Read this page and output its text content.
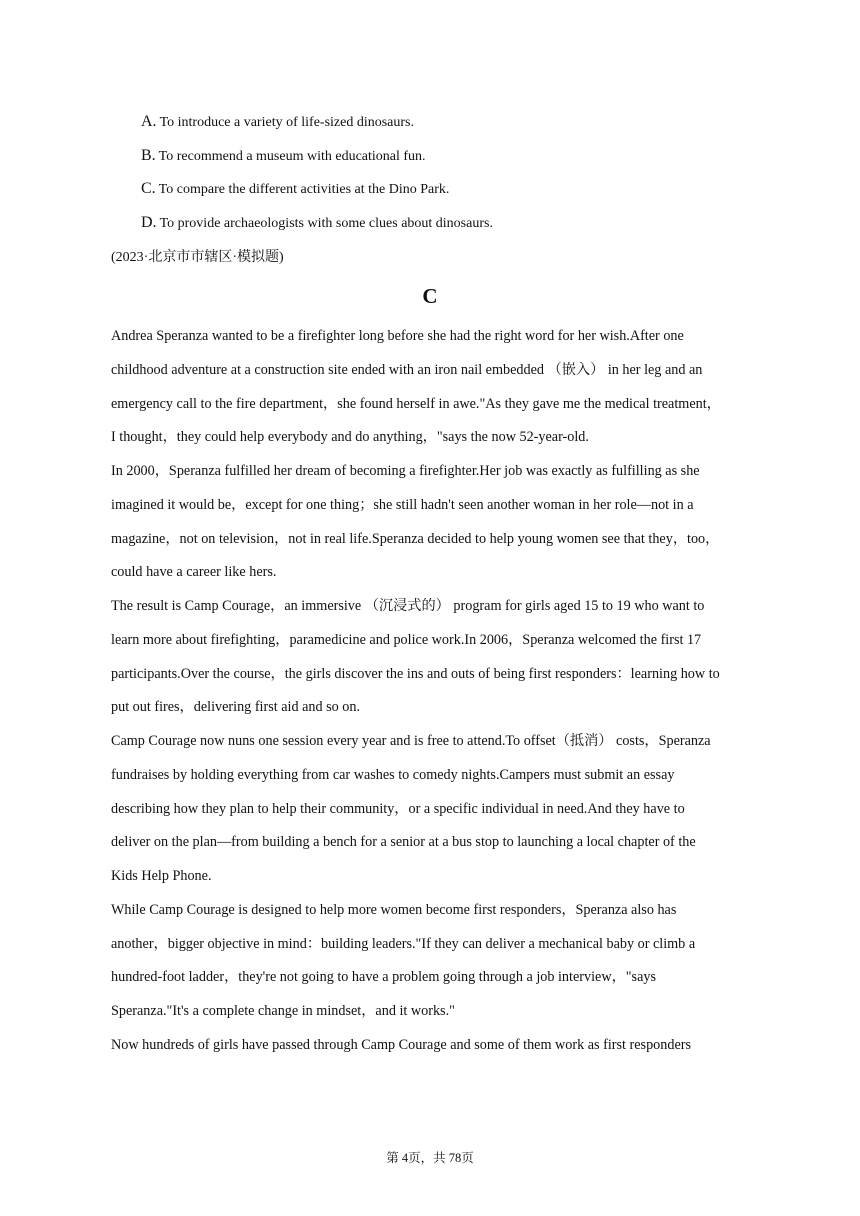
A. To introduce a variety of life-sized dinosaurs.
B. To recommend a museum with educational fun.
C. To compare the different activities at the Dino Park.
D. To provide archaeologists with some clues about dinosaurs.
(2023·北京市市辖区·模拟题)
C
Andrea Speranza wanted to be a firefighter long before she had the right word for her wish.After one
childhood adventure at a construction site ended with an iron nail embedded （嵌入） in her leg and an
emergency call to the fire department，she found herself in awe."As they gave me the medical treatment，
I thought，they could help everybody and do anything，"says the now 52-year-old.
In 2000，Speranza fulfilled her dream of becoming a firefighter.Her job was exactly as fulfilling as she
imagined it would be，except for one thing；she still hadn't seen another woman in her role—not in a
magazine，not on television，not in real life.Speranza decided to help young women see that they，too，
could have a career like hers.
The result is Camp Courage，an immersive （沉浸式的） program for girls aged 15 to 19 who want to
learn more about firefighting，paramedicine and police work.In 2006，Speranza welcomed the first 17
participants.Over the course，the girls discover the ins and outs of being first responders：learning how to
put out fires，delivering first aid and so on.
Camp Courage now nuns one session every year and is free to attend.To offset（抵消） costs，Speranza
fundraises by holding everything from car washes to comedy nights.Campers must submit an essay
describing how they plan to help their community，or a specific individual in need.And they have to
deliver on the plan—from building a bench for a senior at a bus stop to launching a local chapter of the
Kids Help Phone.
While Camp Courage is designed to help more women become first responders，Speranza also has
another，bigger objective in mind：building leaders."If they can deliver a mechanical baby or climb a
hundred-foot ladder，they're not going to have a problem going through a job interview，"says
Speranza."It's a complete change in mindset，and it works."
Now hundreds of girls have passed through Camp Courage and some of them work as first responders
第 4页，共 78页
